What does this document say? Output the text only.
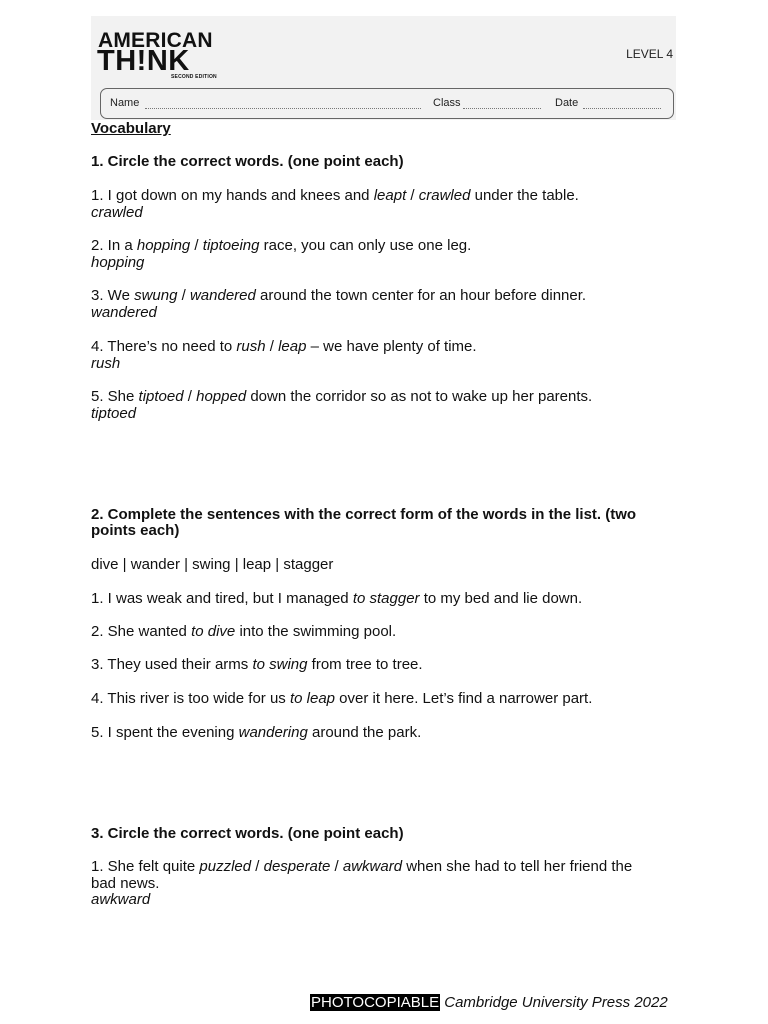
AMERICAN
TH!NK
SECOND EDITION
LEVEL 4
Name	Class	Date
Vocabulary
1. Circle the correct words. (one point each)
1. I got down on my hands and knees and leapt / crawled under the table.
crawled
2. In a hopping / tiptoeing race, you can only use one leg.
hopping
3. We swung / wandered around the town center for an hour before dinner.
wandered
4. There’s no need to rush / leap – we have plenty of time.
rush
5. She tiptoed / hopped down the corridor so as not to wake up her parents.
tiptoed
2. Complete the sentences with the correct form of the words in the list. (two
points each)
dive | wander | swing | leap | stagger
1. I was weak and tired, but I managed to stagger to my bed and lie down.
2. She wanted to dive into the swimming pool.
3. They used their arms to swing from tree to tree.
4. This river is too wide for us to leap over it here. Let’s find a narrower part.
5. I spent the evening wandering around the park.
3. Circle the correct words. (one point each)
1. She felt quite puzzled / desperate / awkward when she had to tell her friend the
bad news.
awkward
PHOTOCOPIABLE Cambridge University Press 2022
